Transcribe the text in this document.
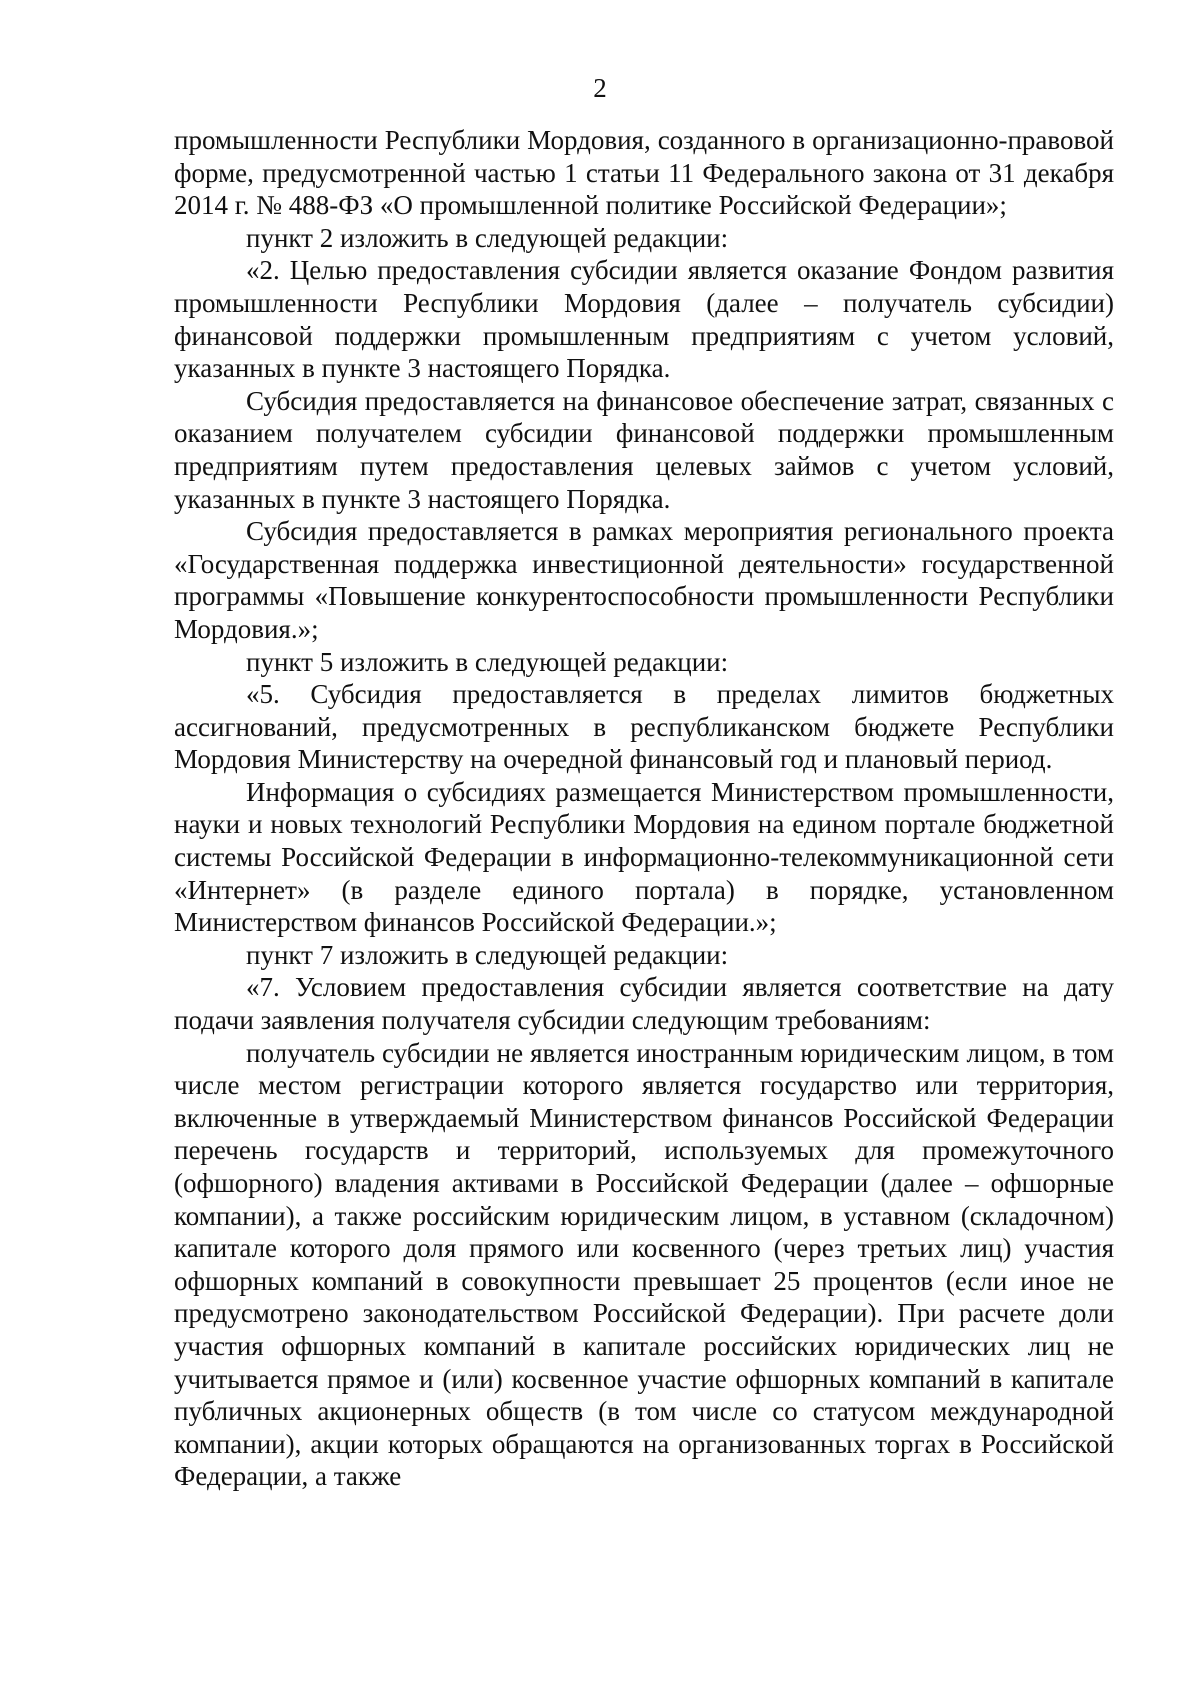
2

промышленности Республики Мордовия, созданного в организационно-правовой форме, предусмотренной частью 1 статьи 11 Федерального закона от 31 декабря 2014 г. № 488-ФЗ «О промышленной политике Российской Федерации»;

пункт 2 изложить в следующей редакции:

«2. Целью предоставления субсидии является оказание Фондом развития промышленности Республики Мордовия (далее – получатель субсидии) финансовой поддержки промышленным предприятиям с учетом условий, указанных в пункте 3 настоящего Порядка.

Субсидия предоставляется на финансовое обеспечение затрат, связанных с оказанием получателем субсидии финансовой поддержки промышленным предприятиям путем предоставления целевых займов с учетом условий, указанных в пункте 3 настоящего Порядка.

Субсидия предоставляется в рамках мероприятия регионального проекта «Государственная поддержка инвестиционной деятельности» государственной программы «Повышение конкурентоспособности промышленности Республики Мордовия.»;

пункт 5 изложить в следующей редакции:

«5. Субсидия предоставляется в пределах лимитов бюджетных ассигнований, предусмотренных в республиканском бюджете Республики Мордовия Министерству на очередной финансовый год и плановый период.

Информация о субсидиях размещается Министерством промышленности, науки и новых технологий Республики Мордовия на едином портале бюджетной системы Российской Федерации в информационно-телекоммуникационной сети «Интернет» (в разделе единого портала) в порядке, установленном Министерством финансов Российской Федерации.»;

пункт 7 изложить в следующей редакции:

«7. Условием предоставления субсидии является соответствие на дату подачи заявления получателя субсидии следующим требованиям:

получатель субсидии не является иностранным юридическим лицом, в том числе местом регистрации которого является государство или территория, включенные в утверждаемый Министерством финансов Российской Федерации перечень государств и территорий, используемых для промежуточного (офшорного) владения активами в Российской Федерации (далее – офшорные компании), а также российским юридическим лицом, в уставном (складочном) капитале которого доля прямого или косвенного (через третьих лиц) участия офшорных компаний в совокупности превышает 25 процентов (если иное не предусмотрено законодательством Российской Федерации). При расчете доли участия офшорных компаний в капитале российских юридических лиц не учитывается прямое и (или) косвенное участие офшорных компаний в капитале публичных акционерных обществ (в том числе со статусом международной компании), акции которых обращаются на организованных торгах в Российской Федерации, а также
